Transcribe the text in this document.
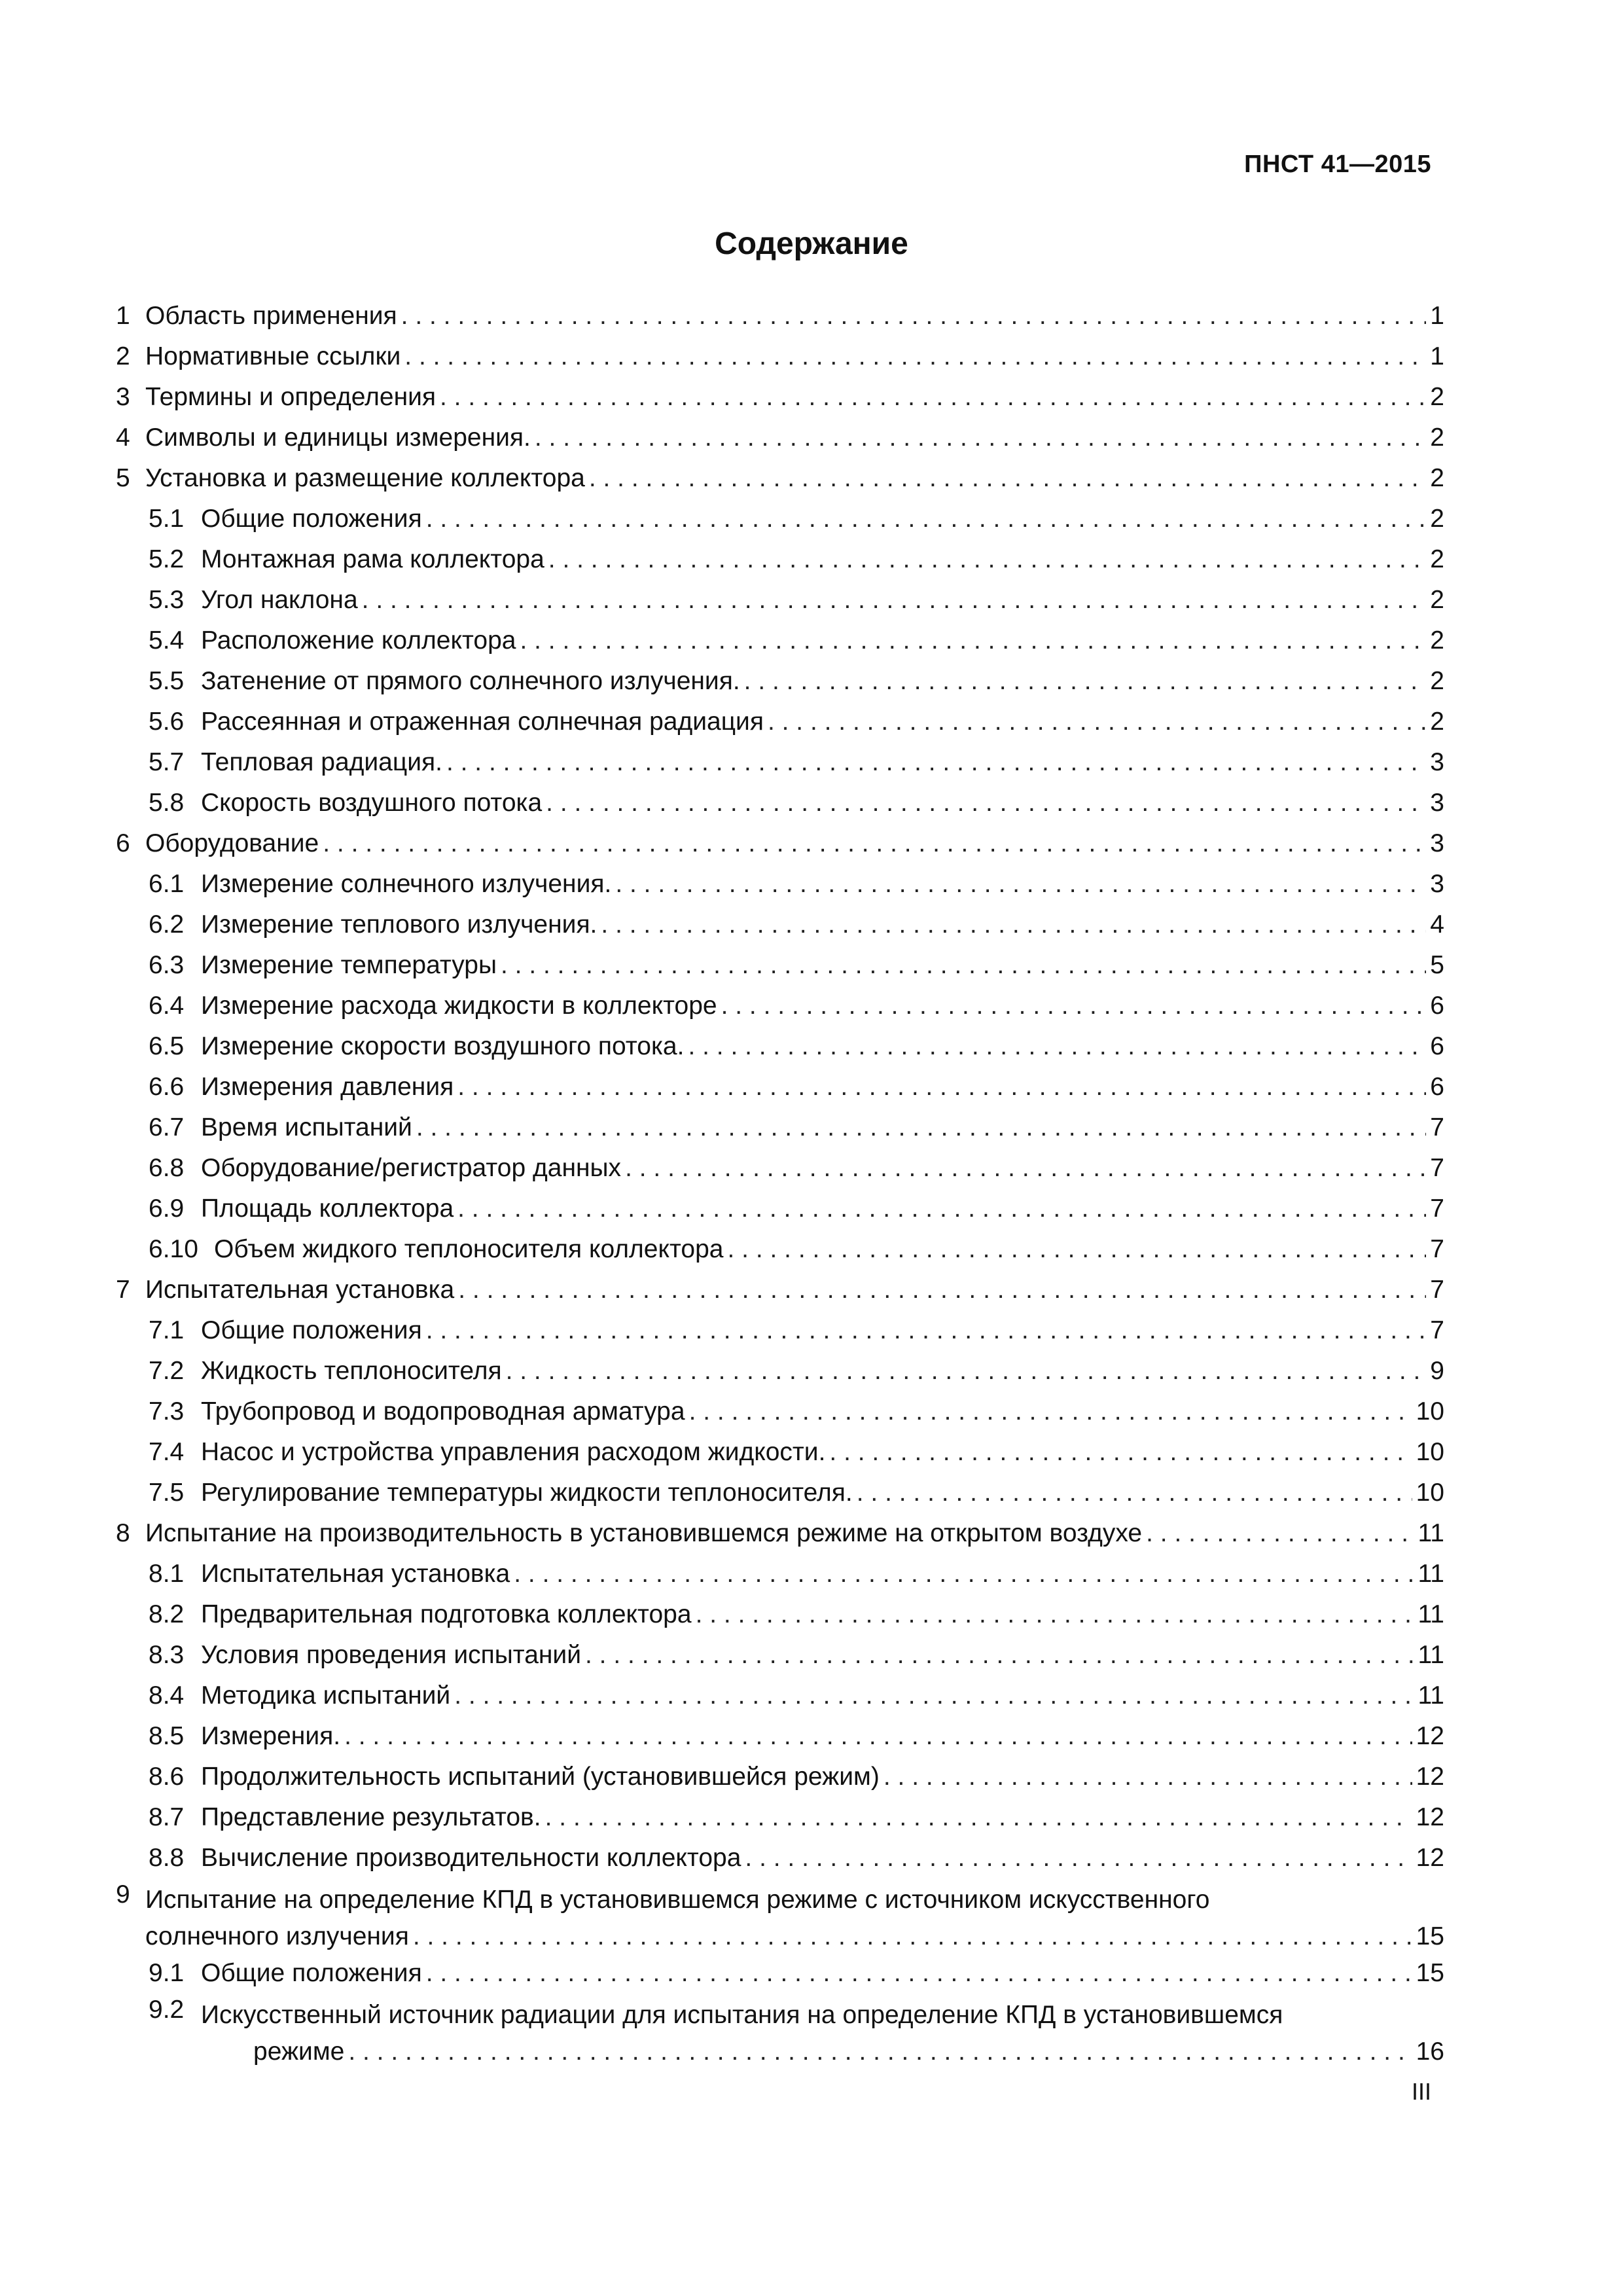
ПНСТ 41—2015
Содержание
1 Область применения . . .	1
2 Нормативные ссылки . . .	1
3 Термины и определения . . .	2
4 Символы и единицы измерения. . . .	2
5 Установка и размещение коллектора . . .	2
5.1 Общие положения . . .	2
5.2 Монтажная рама коллектора . . .	2
5.3 Угол наклона . . .	2
5.4 Расположение коллектора . . .	2
5.5 Затенение от прямого солнечного излучения. . . .	2
5.6 Рассеянная и отраженная солнечная радиация . . .	2
5.7 Тепловая радиация. . . .	3
5.8 Скорость воздушного потока . . .	3
6 Оборудование . . .	3
6.1 Измерение солнечного излучения. . . .	3
6.2 Измерение теплового излучения. . . .	4
6.3 Измерение температуры . . .	5
6.4 Измерение расхода жидкости в коллекторе . . .	6
6.5 Измерение скорости воздушного потока. . . .	6
6.6 Измерения давления . . .	6
6.7 Время испытаний . . .	7
6.8 Оборудование/регистратор данных . . .	7
6.9 Площадь коллектора . . .	7
6.10 Объем жидкого теплоносителя коллектора . . .	7
7 Испытательная установка . . .	7
7.1 Общие положения . . .	7
7.2 Жидкость теплоносителя . . .	9
7.3 Трубопровод и водопроводная арматура . . .	10
7.4 Насос и устройства управления расходом жидкости. . . .	10
7.5 Регулирование температуры жидкости теплоносителя. . . .	10
8 Испытание на производительность в установившемся режиме на открытом воздухе . . .	11
8.1 Испытательная установка . . .	11
8.2 Предварительная подготовка коллектора . . .	11
8.3 Условия проведения испытаний . . .	11
8.4 Методика испытаний . . .	11
8.5 Измерения. . . .	12
8.6 Продолжительность испытаний (установившейся режим) . . .	12
8.7 Представление результатов. . . .	12
8.8 Вычисление производительности коллектора . . .	12
9 Испытание на определение КПД в установившемся режиме с источником искусственного
солнечного излучения . . .	15
9.1 Общие положения . . .	15
9.2 Искусственный источник радиации для испытания на определение КПД в установившемся
режиме . . .	16
III
